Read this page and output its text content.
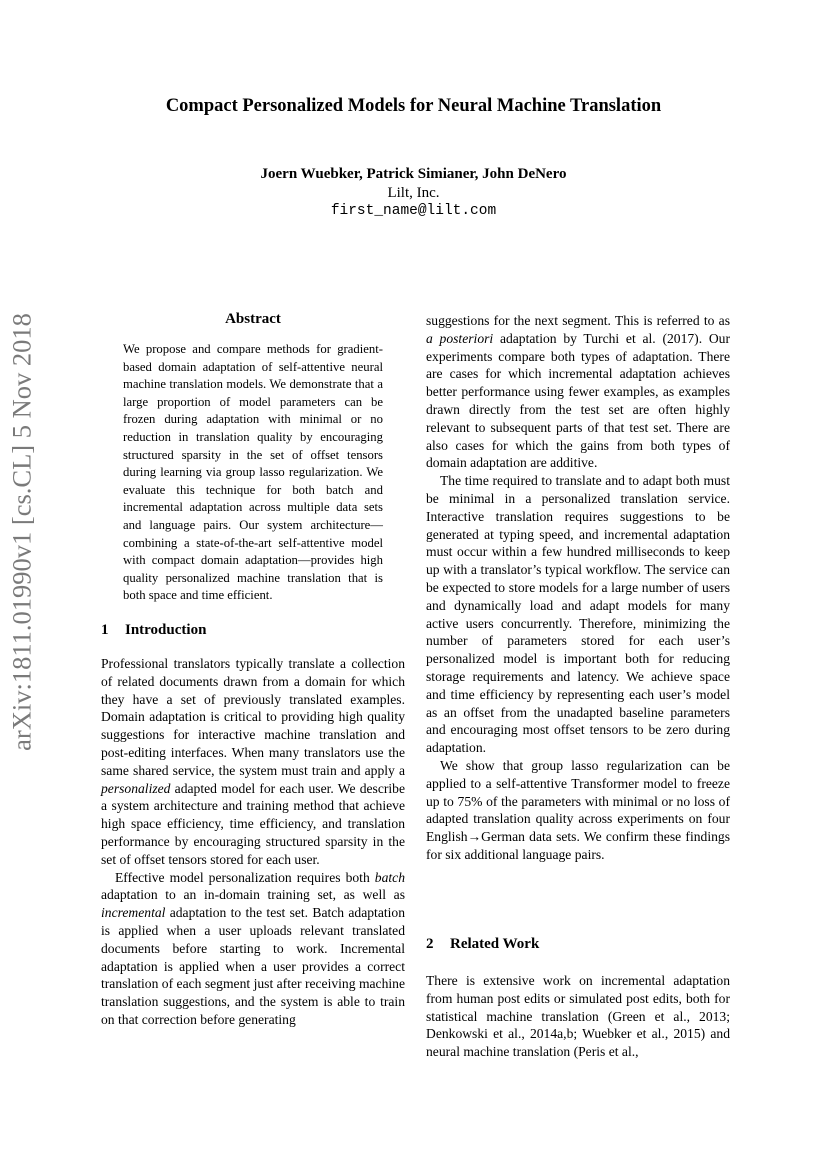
arXiv:1811.01990v1 [cs.CL] 5 Nov 2018
Compact Personalized Models for Neural Machine Translation
Joern Wuebker, Patrick Simianer, John DeNero
Lilt, Inc.
first_name@lilt.com
Abstract

We propose and compare methods for gradient-based domain adaptation of self-attentive neural machine translation models. We demonstrate that a large proportion of model parameters can be frozen during adaptation with minimal or no reduction in translation quality by encouraging structured sparsity in the set of offset tensors during learning via group lasso regularization. We evaluate this technique for both batch and incremental adaptation across multiple data sets and language pairs. Our system architecture—combining a state-of-the-art self-attentive model with compact domain adaptation—provides high quality personalized machine translation that is both space and time efficient.

1 Introduction

Professional translators typically translate a collection of related documents drawn from a domain for which they have a set of previously translated examples. Domain adaptation is critical to providing high quality suggestions for interactive machine translation and post-editing interfaces. When many translators use the same shared service, the system must train and apply a personalized adapted model for each user. We describe a system architecture and training method that achieve high space efficiency, time efficiency, and translation performance by encouraging structured sparsity in the set of offset tensors stored for each user.

Effective model personalization requires both batch adaptation to an in-domain training set, as well as incremental adaptation to the test set. Batch adaptation is applied when a user uploads relevant translated documents before starting to work. Incremental adaptation is applied when a user provides a correct translation of each segment just after receiving machine translation suggestions, and the system is able to train on that correction before generating

suggestions for the next segment. This is referred to as a posteriori adaptation by Turchi et al. (2017). Our experiments compare both types of adaptation. There are cases for which incremental adaptation achieves better performance using fewer examples, as examples drawn directly from the test set are often highly relevant to subsequent parts of that test set. There are also cases for which the gains from both types of domain adaptation are additive.

The time required to translate and to adapt both must be minimal in a personalized translation service. Interactive translation requires suggestions to be generated at typing speed, and incremental adaptation must occur within a few hundred milliseconds to keep up with a translator’s typical workflow. The service can be expected to store models for a large number of users and dynamically load and adapt models for many active users concurrently. Therefore, minimizing the number of parameters stored for each user’s personalized model is important both for reducing storage requirements and latency. We achieve space and time efficiency by representing each user’s model as an offset from the unadapted baseline parameters and encouraging most offset tensors to be zero during adaptation.

We show that group lasso regularization can be applied to a self-attentive Transformer model to freeze up to 75% of the parameters with minimal or no loss of adapted translation quality across experiments on four English→German data sets. We confirm these findings for six additional language pairs.

2 Related Work

There is extensive work on incremental adaptation from human post edits or simulated post edits, both for statistical machine translation (Green et al., 2013; Denkowski et al., 2014a,b; Wuebker et al., 2015) and neural machine translation (Peris et al.,
